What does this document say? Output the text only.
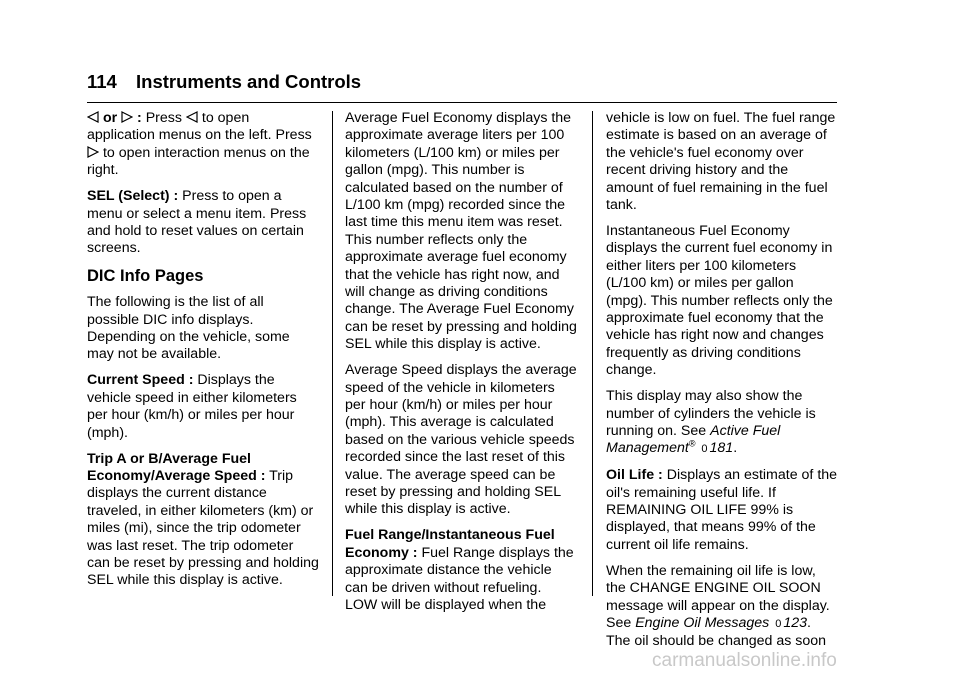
114 Instruments and Controls

or
: Press to open application menus on the left. Press
to open interaction menus on the right.

SEL (Select) : Press to open a menu or select a menu item. Press and hold to reset values on certain screens.

DIC Info Pages

The following is the list of all possible DIC info displays. Depending on the vehicle, some may not be available.

Current Speed : Displays the vehicle speed in either kilometers per hour (km/h) or miles per hour (mph).

Trip A or B/Average Fuel Economy/Average Speed : Trip displays the current distance traveled, in either kilometers (km) or miles (mi), since the trip odometer was last reset. The trip odometer can be reset by pressing and holding SEL while this display is active.

Average Fuel Economy displays the approximate average liters per 100 kilometers (L/100 km) or miles per gallon (mpg). This number is calculated based on the number of L/100 km (mpg) recorded since the last time this menu item was reset. This number reflects only the approximate average fuel economy that the vehicle has right now, and will change as driving conditions change. The Average Fuel Economy can be reset by pressing and holding SEL while this display is active.

Average Speed displays the average speed of the vehicle in kilometers per hour (km/h) or miles per hour (mph). This average is calculated based on the various vehicle speeds recorded since the last reset of this value. The average speed can be reset by pressing and holding SEL while this display is active.

Fuel Range/Instantaneous Fuel Economy : Fuel Range displays the approximate distance the vehicle can be driven without refueling. LOW will be displayed when the

vehicle is low on fuel. The fuel range estimate is based on an average of the vehicle's fuel economy over recent driving history and the amount of fuel remaining in the fuel tank.

Instantaneous Fuel Economy displays the current fuel economy in either liters per 100 kilometers (L/100 km) or miles per gallon (mpg). This number reflects only the approximate fuel economy that the vehicle has right now and changes frequently as driving conditions change.

This display may also show the number of cylinders the vehicle is running on. See Active Fuel Management® 0 181.

Oil Life : Displays an estimate of the oil's remaining useful life. If REMAINING OIL LIFE 99% is displayed, that means 99% of the current oil life remains.

When the remaining oil life is low, the CHANGE ENGINE OIL SOON message will appear on the display. See Engine Oil Messages 0 123. The oil should be changed as soon

carmanualsonline.info
